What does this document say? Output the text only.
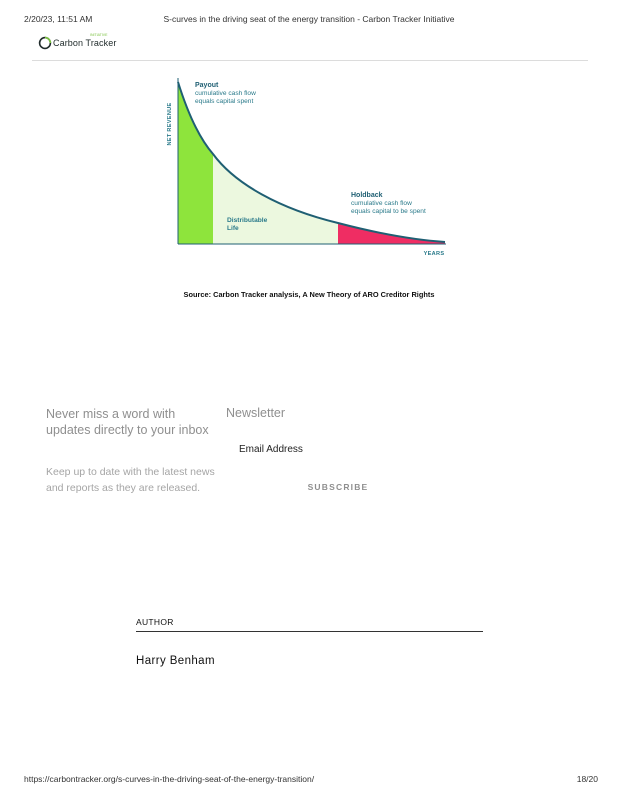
2/20/23, 11:51 AM	S-curves in the driving seat of the energy transition - Carbon Tracker Initiative
Carbon Tracker
INITIATIVE
NET REVENUE
YEARS
Payout
cumulative cash flow
equals capital spent
Distributable
Life
Holdback
cumulative cash flow
equals capital to be spent
Source: Carbon Tracker analysis, A New Theory of ARO Creditor Rights
Never miss a word with updates directly to your inbox
Keep up to date with the latest news and reports as they are released.
Newsletter
Email Address
SUBSCRIBE
AUTHOR
Harry Benham
https://carbontracker.org/s-curves-in-the-driving-seat-of-the-energy-transition/	18/20
